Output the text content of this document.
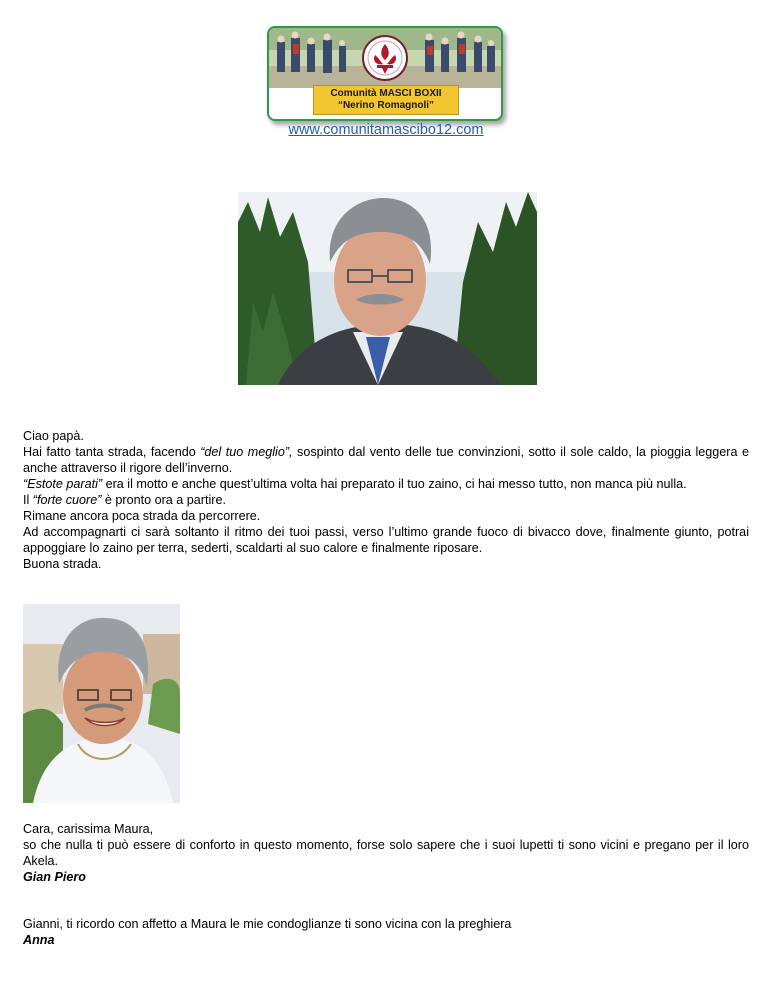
Comunità MASCI BOXII
“Nerino Romagnoli”
www.comunitamascibo12.com

Ciao papà.

Hai fatto tanta strada, facendo “del tuo meglio”, sospinto dal vento delle tue convinzioni, sotto il sole caldo, la pioggia leggera e anche attraverso il rigore dell’inverno.

“Estote parati” era il motto e anche quest’ultima volta hai preparato il tuo zaino, ci hai messo tutto, non manca più nulla.

Il “forte cuore” è pronto ora a partire.

Rimane ancora poca strada da percorrere.

Ad accompagnarti ci sarà soltanto il ritmo dei tuoi passi, verso l’ultimo grande fuoco di bivacco dove, finalmente giunto, potrai appoggiare lo zaino per terra, sederti, scaldarti al suo calore e finalmente riposare.

Buona strada.

Cara, carissima Maura,

so che nulla ti può essere di conforto in questo momento, forse solo sapere che i suoi lupetti ti sono vicini e pregano per il loro Akela.

Gian Piero

Gianni, ti ricordo con affetto a Maura le mie condoglianze ti sono vicina con la preghiera

Anna
